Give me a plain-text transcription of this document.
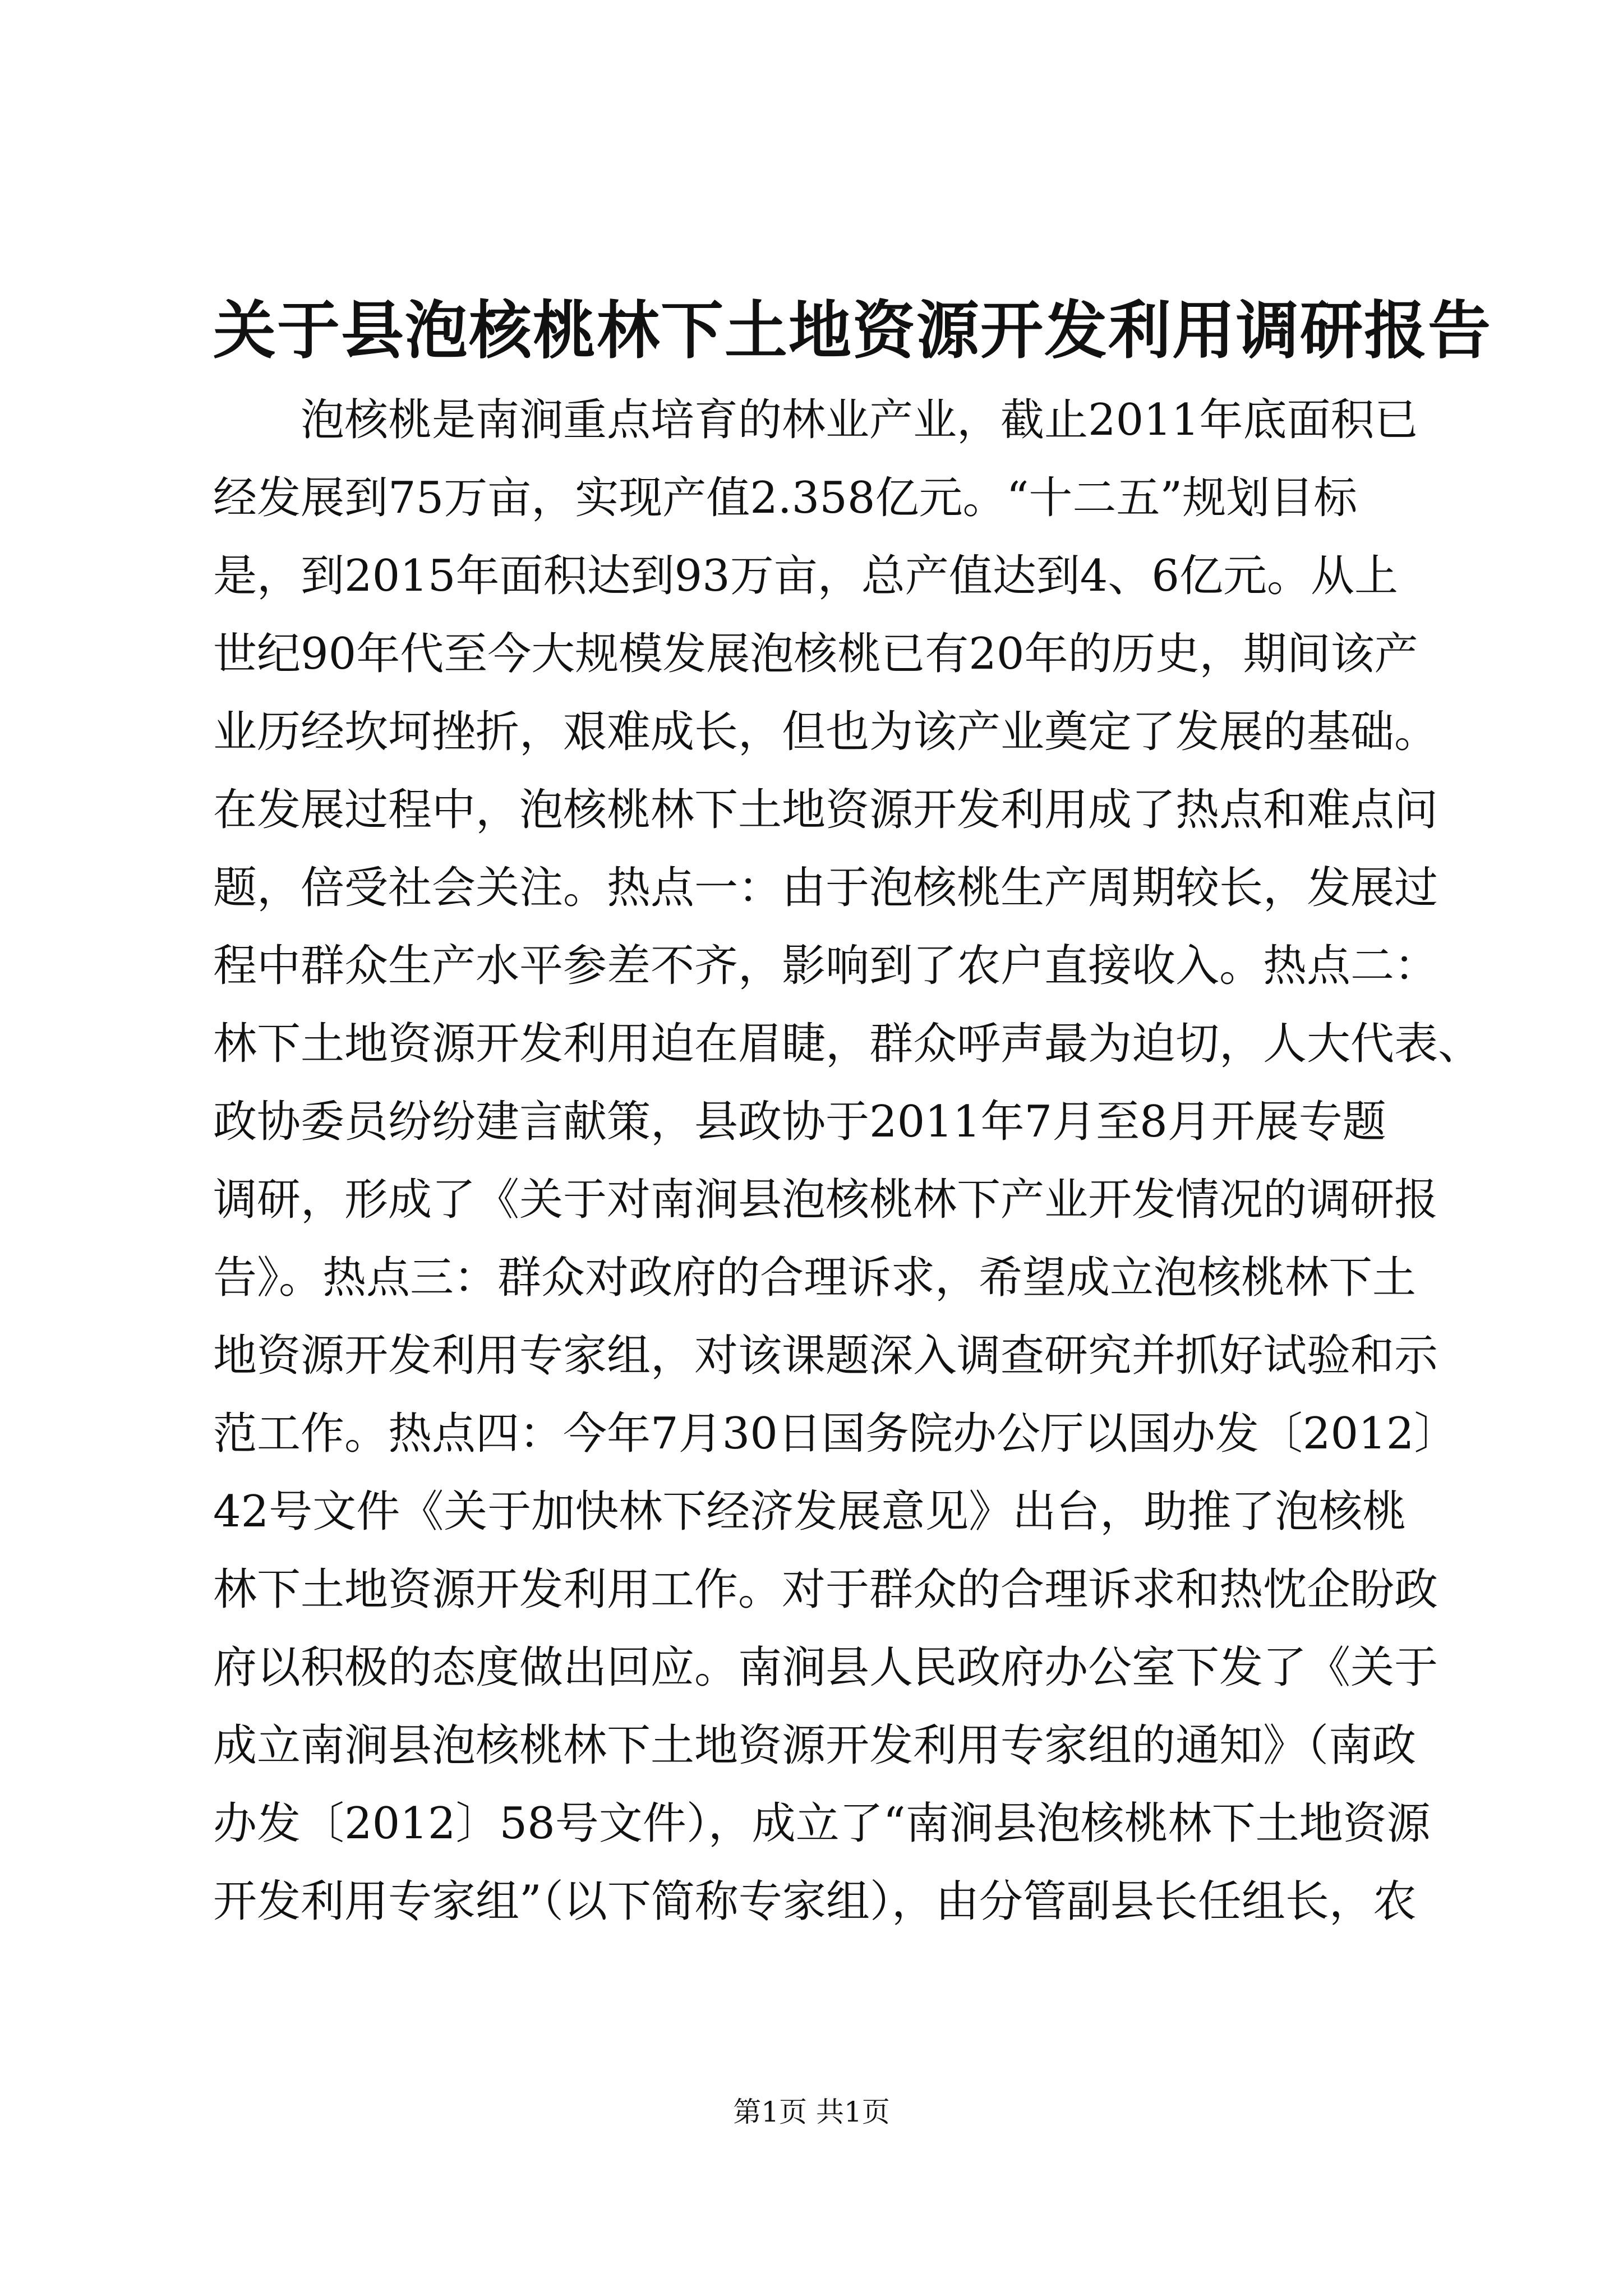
关于县泡核桃林下土地资源开发利用调研报告
泡核桃是南涧重点培育的林业产业，截止2011年底面积已
经发展到75万亩，实现产值2.358亿元。“十二五”规划目标
是，到2015年面积达到93万亩，总产值达到4、6亿元。从上
世纪90年代至今大规模发展泡核桃已有20年的历史，期间该产
业历经坎坷挫折，艰难成长，但也为该产业奠定了发展的基础。
在发展过程中，泡核桃林下土地资源开发利用成了热点和难点问
题，倍受社会关注。热点一：由于泡核桃生产周期较长，发展过
程中群众生产水平参差不齐，影响到了农户直接收入。热点二：
林下土地资源开发利用迫在眉睫，群众呼声最为迫切，人大代表、
政协委员纷纷建言献策，县政协于2011年7月至8月开展专题
调研，形成了《关于对南涧县泡核桃林下产业开发情况的调研报
告》。热点三：群众对政府的合理诉求，希望成立泡核桃林下土
地资源开发利用专家组，对该课题深入调查研究并抓好试验和示
范工作。热点四：今年7月30日国务院办公厅以国办发〔2012〕
42号文件《关于加快林下经济发展意见》出台，助推了泡核桃
林下土地资源开发利用工作。对于群众的合理诉求和热忱企盼政
府以积极的态度做出回应。南涧县人民政府办公室下发了《关于
成立南涧县泡核桃林下土地资源开发利用专家组的通知》（南政
办发〔2012〕58号文件），成立了“南涧县泡核桃林下土地资源
开发利用专家组”（以下简称专家组），由分管副县长任组长，农
第1页 共1页
